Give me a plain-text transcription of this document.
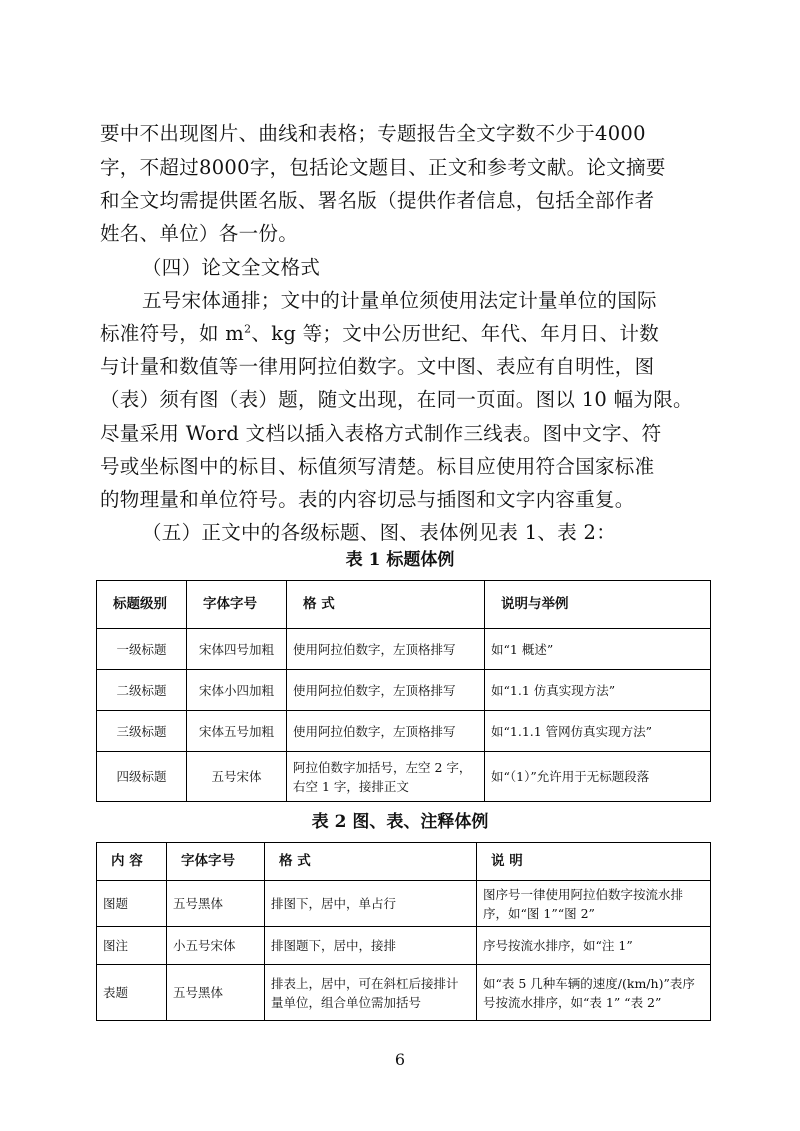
要中不出现图片、曲线和表格；专题报告全文字数不少于4000
字，不超过8000字，包括论文题目、正文和参考文献。论文摘要
和全文均需提供匿名版、署名版（提供作者信息，包括全部作者
姓名、单位）各一份。
（四）论文全文格式
五号宋体通排；文中的计量单位须使用法定计量单位的国际
标准符号，如 $m^2$、kg 等；文中公历世纪、年代、年月日、计数
与计量和数值等一律用阿拉伯数字。文中图、表应有自明性，图
（表）须有图（表）题，随文出现，在同一页面。图以 10 幅为限。
尽量采用 Word 文档以插入表格方式制作三线表。图中文字、符
号或坐标图中的标目、标值须写清楚。标目应使用符合国家标准
的物理量和单位符号。表的内容切忌与插图和文字内容重复。
（五）正文中的各级标题、图、表体例见表 1、表 2：
表 1 标题体例
标题级别	字体字号	格 式	说明与举例
一级标题	宋体四号加粗	使用阿拉伯数字，左顶格排写	如“1 概述”
二级标题	宋体小四加粗	使用阿拉伯数字，左顶格排写	如“1.1 仿真实现方法”
三级标题	宋体五号加粗	使用阿拉伯数字，左顶格排写	如“1.1.1 管网仿真实现方法”
四级标题	五号宋体	阿拉伯数字加括号，左空 2 字，右空 1 字，接排正文	如“（1）”允许用于无标题段落
表 2 图、表、注释体例
内 容	字体字号	格 式	说 明
图题	五号黑体	排图下，居中，单占行	图序号一律使用阿拉伯数字按流水排序，如“图 1”“图 2”
图注	小五号宋体	排图题下，居中，接排	序号按流水排序，如“注 1”
表题	五号黑体	排表上，居中，可在斜杠后接排计量单位，组合单位需加括号	如“表 5 几种车辆的速度/(km/h)”表序号按流水排序，如“表 1” “表 2”
6
